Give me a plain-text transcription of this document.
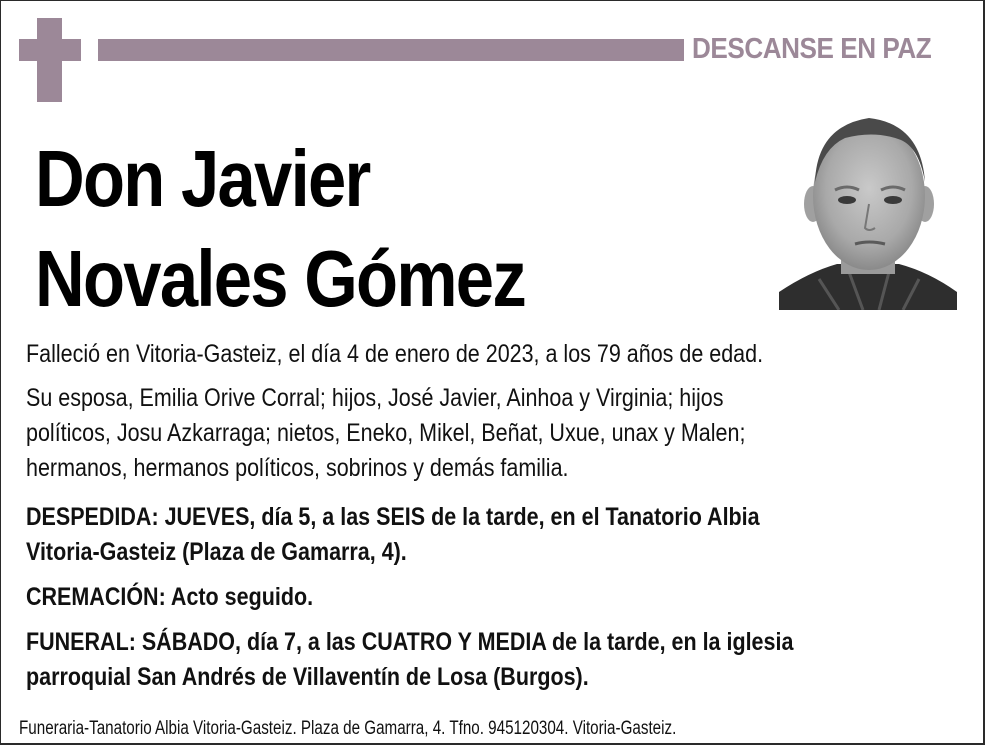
DESCANSE EN PAZ
Don Javier
Novales Gómez
Falleció en Vitoria-Gasteiz, el día 4 de enero de 2023, a los 79 años de edad.
Su esposa, Emilia Orive Corral; hijos, José Javier, Ainhoa y Virginia; hijos
políticos, Josu Azkarraga; nietos, Eneko, Mikel, Beñat, Uxue, unax y Malen;
hermanos, hermanos políticos, sobrinos y demás familia.
DESPEDIDA: JUEVES, día 5, a las SEIS de la tarde, en el Tanatorio Albia
Vitoria-Gasteiz (Plaza de Gamarra, 4).
CREMACIÓN: Acto seguido.
FUNERAL: SÁBADO, día 7, a las CUATRO Y MEDIA de la tarde, en la iglesia
parroquial San Andrés de Villaventín de Losa (Burgos).
Funeraria-Tanatorio Albia Vitoria-Gasteiz. Plaza de Gamarra, 4. Tfno. 945120304. Vitoria-Gasteiz.
